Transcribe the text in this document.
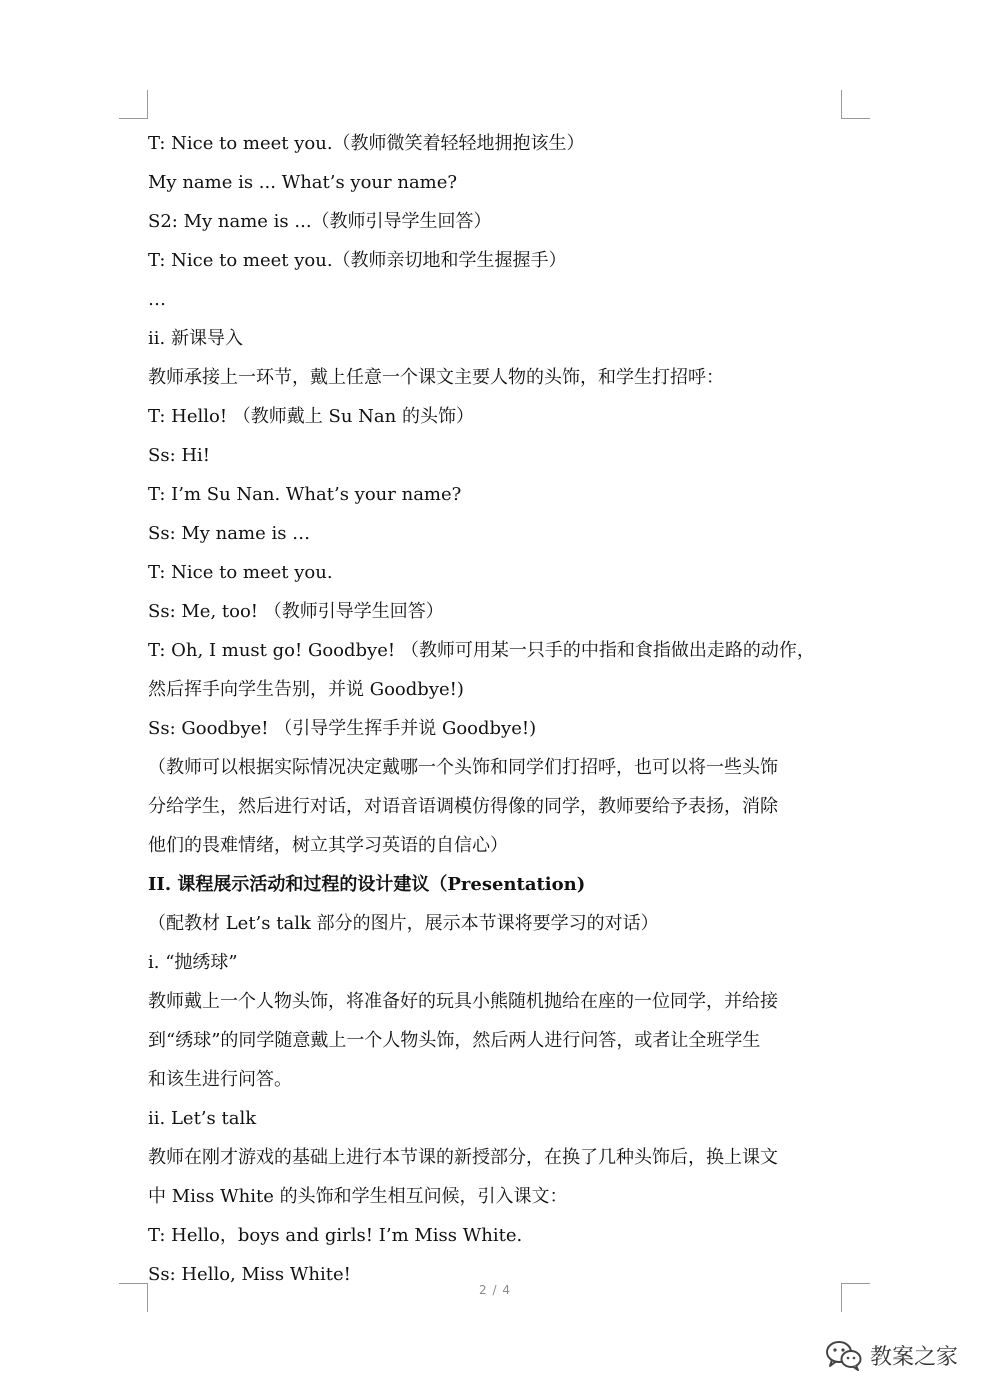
T: Nice to meet you.（教师微笑着轻轻地拥抱该生）
My name is ... What’s your name?
S2: My name is ...（教师引导学生回答）
T: Nice to meet you.（教师亲切地和学生握握手）
…
ii. 新课导入
教师承接上一环节，戴上任意一个课文主要人物的头饰，和学生打招呼：
T: Hello! （教师戴上 Su Nan 的头饰）
Ss: Hi!
T: I’m Su Nan. What’s your name?
Ss: My name is …
T: Nice to meet you.
Ss: Me, too! （教师引导学生回答）
T: Oh, I must go! Goodbye! （教师可用某一只手的中指和食指做出走路的动作，
然后挥手向学生告别，并说 Goodbye!)
Ss: Goodbye! （引导学生挥手并说 Goodbye!)
（教师可以根据实际情况决定戴哪一个头饰和同学们打招呼，也可以将一些头饰
分给学生，然后进行对话，对语音语调模仿得像的同学，教师要给予表扬，消除
他们的畏难情绪，树立其学习英语的自信心）
II. 课程展示活动和过程的设计建议（Presentation)
（配教材 Let’s talk 部分的图片，展示本节课将要学习的对话）
i. “抛绣球”
教师戴上一个人物头饰，将准备好的玩具小熊随机抛给在座的一位同学，并给接
到“绣球”的同学随意戴上一个人物头饰，然后两人进行问答，或者让全班学生
和该生进行问答。
ii. Let’s talk
教师在刚才游戏的基础上进行本节课的新授部分，在换了几种头饰后，换上课文
中 Miss White 的头饰和学生相互问候，引入课文：
T: Hello，boys and girls! I’m Miss White.
Ss: Hello, Miss White!
2 / 4
教案之家
